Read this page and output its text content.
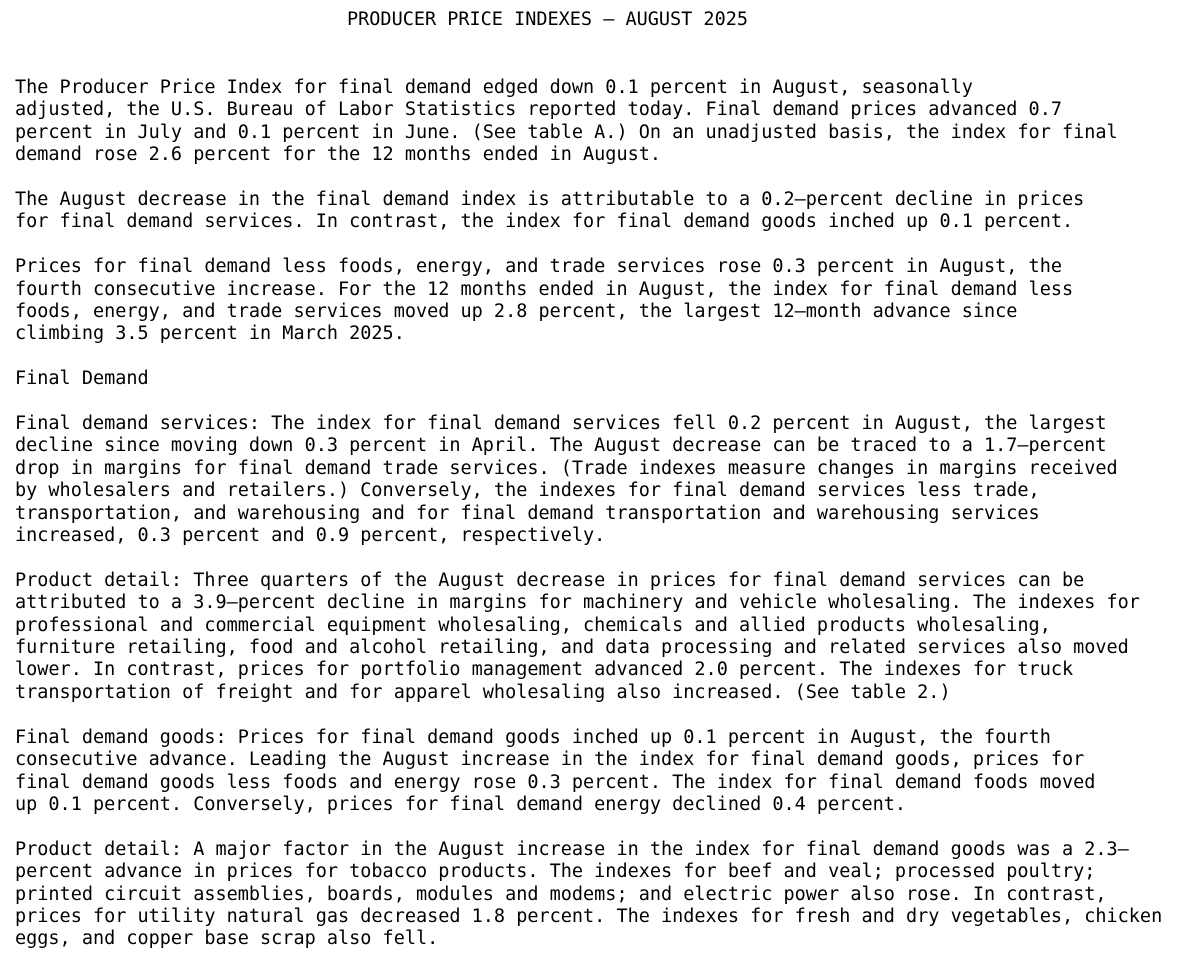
PRODUCER PRICE INDEXES – AUGUST 2025
The Producer Price Index for final demand edged down 0.1 percent in August, seasonally
adjusted, the U.S. Bureau of Labor Statistics reported today. Final demand prices advanced 0.7
percent in July and 0.1 percent in June. (See table A.) On an unadjusted basis, the index for final
demand rose 2.6 percent for the 12 months ended in August.
The August decrease in the final demand index is attributable to a 0.2–percent decline in prices
for final demand services. In contrast, the index for final demand goods inched up 0.1 percent.
Prices for final demand less foods, energy, and trade services rose 0.3 percent in August, the
fourth consecutive increase. For the 12 months ended in August, the index for final demand less
foods, energy, and trade services moved up 2.8 percent, the largest 12–month advance since
climbing 3.5 percent in March 2025.
Final Demand
Final demand services: The index for final demand services fell 0.2 percent in August, the largest
decline since moving down 0.3 percent in April. The August decrease can be traced to a 1.7–percent
drop in margins for final demand trade services. (Trade indexes measure changes in margins received
by wholesalers and retailers.) Conversely, the indexes for final demand services less trade,
transportation, and warehousing and for final demand transportation and warehousing services
increased, 0.3 percent and 0.9 percent, respectively.
Product detail: Three quarters of the August decrease in prices for final demand services can be
attributed to a 3.9–percent decline in margins for machinery and vehicle wholesaling. The indexes for
professional and commercial equipment wholesaling, chemicals and allied products wholesaling,
furniture retailing, food and alcohol retailing, and data processing and related services also moved
lower. In contrast, prices for portfolio management advanced 2.0 percent. The indexes for truck
transportation of freight and for apparel wholesaling also increased. (See table 2.)
Final demand goods: Prices for final demand goods inched up 0.1 percent in August, the fourth
consecutive advance. Leading the August increase in the index for final demand goods, prices for
final demand goods less foods and energy rose 0.3 percent. The index for final demand foods moved
up 0.1 percent. Conversely, prices for final demand energy declined 0.4 percent.
Product detail: A major factor in the August increase in the index for final demand goods was a 2.3–
percent advance in prices for tobacco products. The indexes for beef and veal; processed poultry;
printed circuit assemblies, boards, modules and modems; and electric power also rose. In contrast,
prices for utility natural gas decreased 1.8 percent. The indexes for fresh and dry vegetables, chicken
eggs, and copper base scrap also fell.
